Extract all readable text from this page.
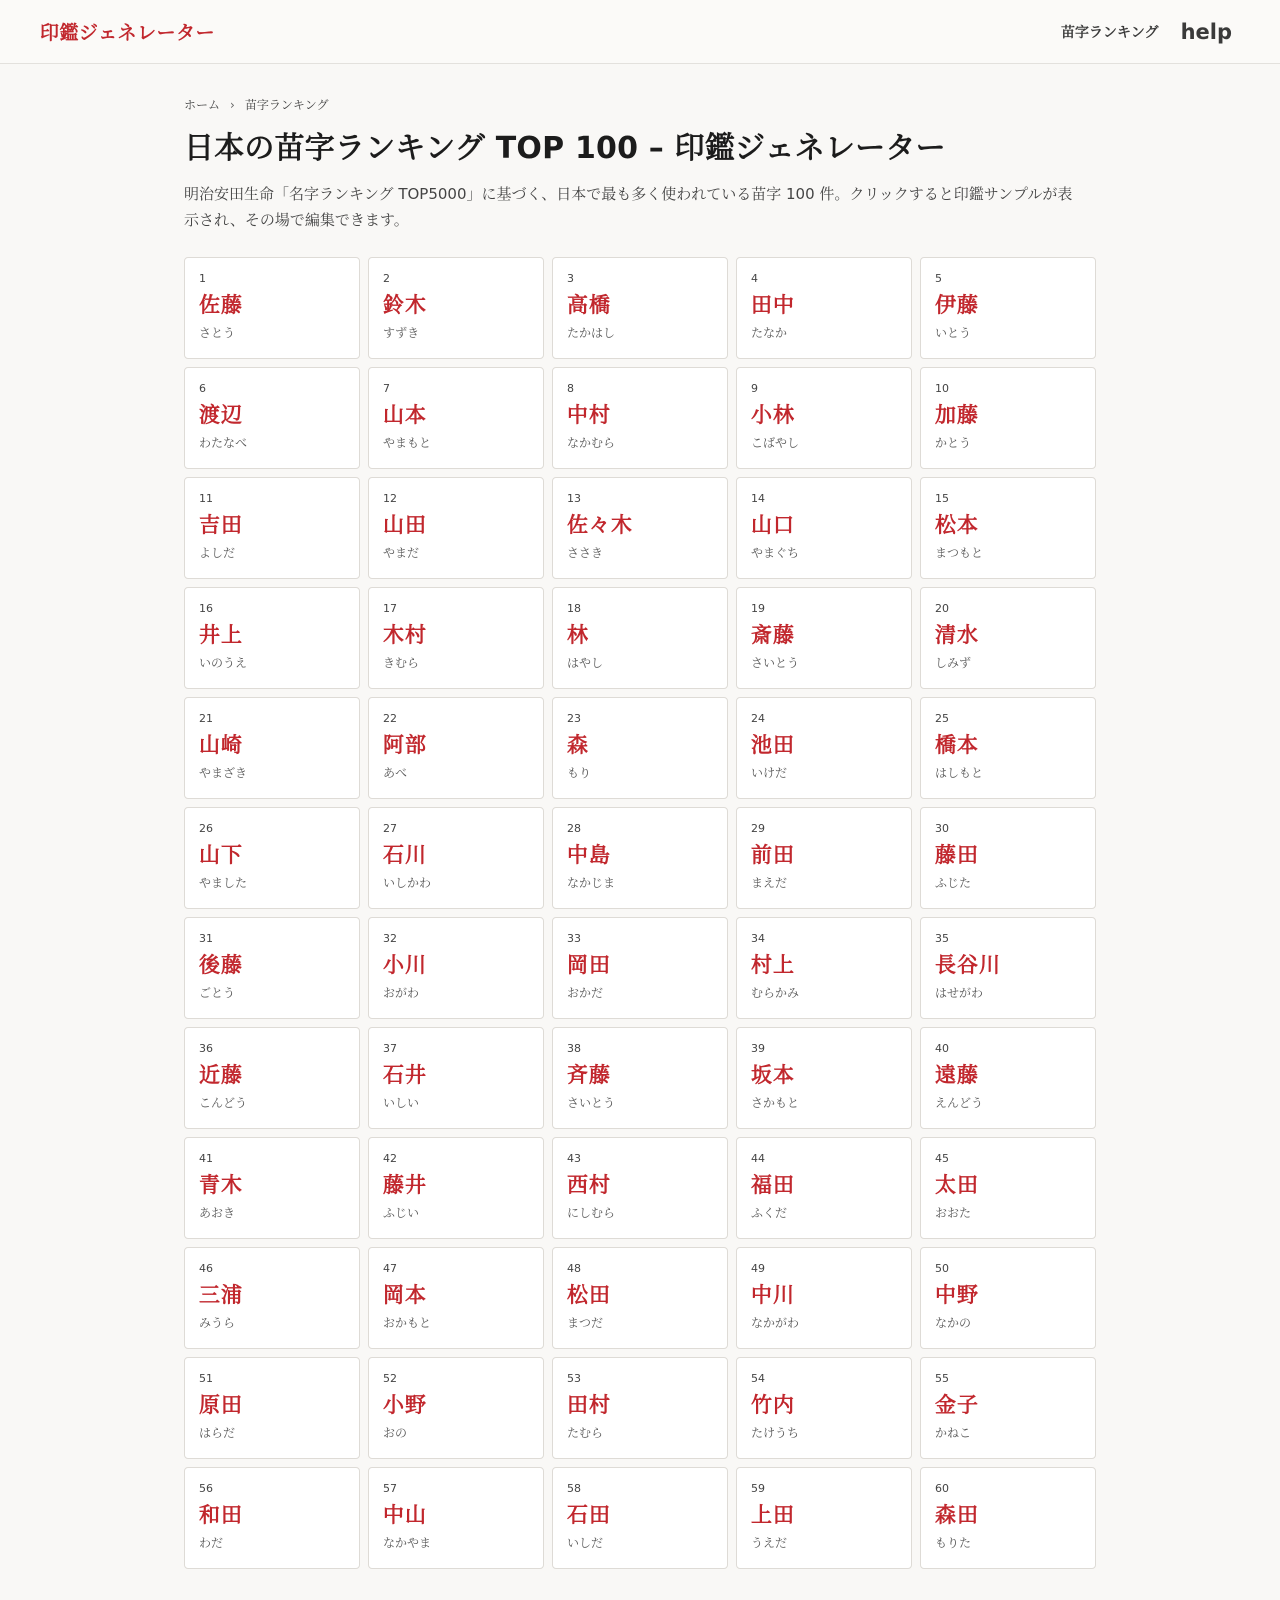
印鑑ジェネレーター	苗字ランキング help
ホーム › 苗字ランキング
日本の苗字ランキング TOP 100 – 印鑑ジェネレーター

明治安田生命「名字ランキング TOP5000」に基づく、日本で最も多く使われている苗字 100 件。クリックすると印鑑サンプルが表示され、その場で編集できます。

1
佐藤
さとう
2
鈴木
すずき
3
高橋
たかはし
4
田中
たなか
5
伊藤
いとう
6
渡辺
わたなべ
7
山本
やまもと
8
中村
なかむら
9
小林
こばやし
10
加藤
かとう
11
吉田
よしだ
12
山田
やまだ
13
佐々木
ささき
14
山口
やまぐち
15
松本
まつもと
16
井上
いのうえ
17
木村
きむら
18
林
はやし
19
斎藤
さいとう
20
清水
しみず
21
山崎
やまざき
22
阿部
あべ
23
森
もり
24
池田
いけだ
25
橋本
はしもと
26
山下
やました
27
石川
いしかわ
28
中島
なかじま
29
前田
まえだ
30
藤田
ふじた
31
後藤
ごとう
32
小川
おがわ
33
岡田
おかだ
34
村上
むらかみ
35
長谷川
はせがわ
36
近藤
こんどう
37
石井
いしい
38
斉藤
さいとう
39
坂本
さかもと
40
遠藤
えんどう
41
青木
あおき
42
藤井
ふじい
43
西村
にしむら
44
福田
ふくだ
45
太田
おおた
46
三浦
みうら
47
岡本
おかもと
48
松田
まつだ
49
中川
なかがわ
50
中野
なかの
51
原田
はらだ
52
小野
おの
53
田村
たむら
54
竹内
たけうち
55
金子
かねこ
56
和田
わだ
57
中山
なかやま
58
石田
いしだ
59
上田
うえだ
60
森田
もりた
